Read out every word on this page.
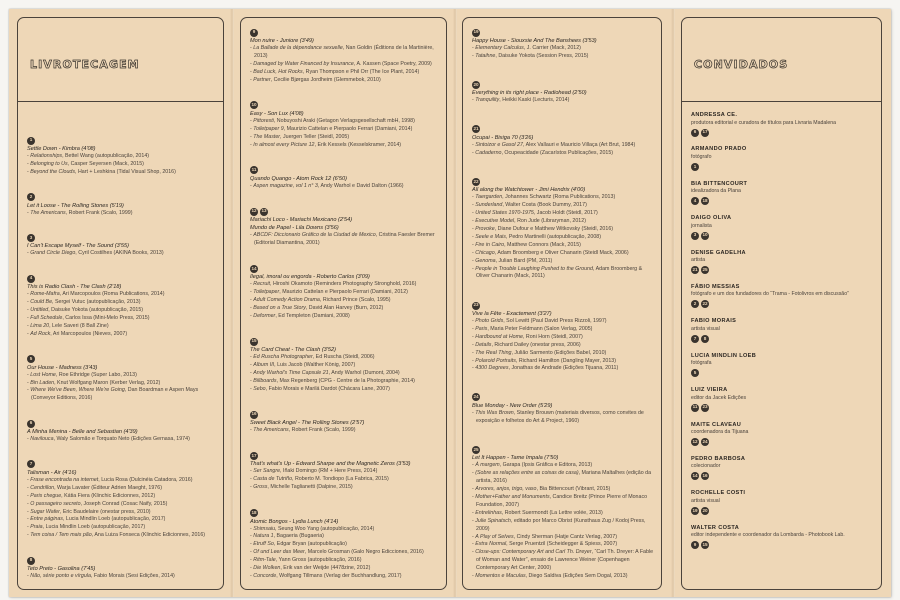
LIVROTECAGEM
1
Settle Down - Kimbra (4'08)
- Relationships, Bettel Wang (autopublicação, 2014)
- Belonging to Us, Casper Seyersen (Mack, 2015)
- Beyond the Clouds, Hart + Leshkina (Tidal Visual Shop, 2016)
2
Let it Loose - The Rolling Stones (5'19)
- The Americans, Robert Frank (Scalo, 1999)
3
I Can't Escape Myself - The Sound (3'55)
- Grand Circle Diego, Cyril Costilhes (AKINA Books, 2013)
4
This is Radio Clash - The Clash (2'18)
- Rome-Mafra, Ari Marcopoulos (Roma Publications, 2014)
- Could Be, Sergei Vutuc (autopublicação, 2013)
- Untitled, Daisuke Yokota (autopublicação, 2015)
- Full Schedule, Carlos Issa (Mini-Melo Press, 2015)
- Lima 20, Lele Saveri (8 Ball Zine)
- Ad Rock, Ari Marcopoulos (Nieves, 2007)
5
Our House - Madness (3'43)
- Lost Home, Roe Ethridge (Super Labo, 2013)
- Bin Laden, Knut Wolfgang Maron (Kerber Verlag, 2012)
- Where We've Been, Where We're Going, Dan Boardman e Aspen Mays (Conveyor Editions, 2016)
6
A Minha Menina - Belle and Sebastian (4'39)
- Navilouca, Waly Salomão e Torquato Neto (Edições Gernasa, 1974)
7
Talisman - Air (4'16)
- Frase encontrada na internet, Lucia Rosa (Dulcinéia Catadora, 2016)
- Cendrillon, Warja Lavater (Éditeur Adrien Maeght, 1976)
- Paris chegue, Kátia Fiera (Klinchic Edicionnes, 2012)
- O passageiro secreto, Joseph Conrad (Cosac Naify, 2015)
- Sugar Wafer, Eric Baudelaire (onestar press, 2010)
- Entre páginas, Lucia Mindlin Loeb (autopublicação, 2017)
- Praia, Lucia Mindlin Loeb (autopublicação, 2017)
- Tem coisa / Tem mais pão, Ana Luiza Fonseca (Klinchic Edicionnes, 2016)
8
Teto Preto - Gasolina (7'45)
- Não, série ponto e vírgula, Fabio Morais (Sesi Edições, 2014)
9
Mon nuire - Juniore (3'49)
- La Ballade de la dépendance sexuelle, Nan Goldin (Éditions de la Martinière, 2013)
- Damaged by Water Financed by Insurance, A. Kassen (Space Poetry, 2009)
- Bad Luck, Hot Rocks, Ryan Thompson e Phil Orr (The Ice Plant, 2014)
- Partner, Cecilie Bjørgas Jordheim (Glemmebok, 2010)
10
Easy - Son Lux (4'08)
- Pittoresti, Nobuyoshi Araki (Getagon Verlagsgesellschaft mbH, 1998)
- Toiletpaper 9, Maurizio Cattelan e Pierpaolo Ferrari (Damiani, 2014)
- The Master, Juergen Teller (Steidl, 2005)
- In almost every Picture 12, Erik Kessels (Kesselskramer, 2014)
11
Quando Quango - Atom Rock 12 (6'50)
- Aspen magazine, vol 1 n° 3, Andy Warhol e David Dalton (1966)
12	13
Mariachi Loco - Mariachi Mexicano (2'54)
Mundo de Papel - Lila Downs (3'56)
- ABCDF: Diccionario Gráfico de la Ciudad de Mexico, Cristina Faesler Bremer (Editorial Diamantina, 2001)
14
Ilegal, imoral ou engorda - Roberto Carlos (3'09)
- Recruit, Hiroshi Okamoto (Reminders Photography Stronghold, 2016)
- Toiletpaper, Maurizio Cattelan e Pierpaolo Ferrari (Damiani, 2012)
- Adult Comedy Action Drama, Richard Prince (Scalo, 1995)
- Based on a True Story, David Alan Harvey (Burn, 2012)
- Deformer, Ed Templeton (Damiani, 2008)
15
The Card Cheat - The Clash (3'52)
- Ed Ruscha Photographer, Ed Ruscha (Steidl, 2006)
- Album III, Luis Jacob (Walther König, 2007)
- Andy Warhol's Time Capsule 21, Andy Warhol (Dumont, 2004)
- Billboards, Max Regenberg (CPG - Centre de la Photographie, 2014)
- Sebo, Fabio Morais e Marilá Dardot (Chácara Lane, 2007)
16
Sweet Black Angel - The Rolling Stones (2'57)
- The Americans, Robert Frank (Scalo, 1999)
17
That's what's Up - Edward Sharpe and the Magnetic Zeros (3'53)
- Ser Sangre, Iñaki Domingo (RM + Here Press, 2014)
- Casta de Tutriño, Roberto M. Tondiopo (La Fabrica, 2015)
- Gross, Michelle Taglianetti (Dalpine, 2015)
18
Atomic Bongos - Lydia Lunch (4'14)
- Shimsaiu, Seung Woo Yang (autopublicação, 2014)
- Natura 1, Bagaeria (Bugaeria)
- Etruff So, Edgar Bryan (autopublicação)
- Of und Leer das Meer, Marcelo Grosman (Galo Negro Edicciones, 2016)
- Ritm-Tale, Yann Gross (autopublicação, 2016)
- Die Wolken, Erik van der Weijde (4478zine, 2012)
- Concorde, Wolfgang Tillmans (Verlag der Buchhandlung, 2017)
19
Happy House - Siouxsie And The Banshees (3'53)
- Elementary Calculus, J. Carrier (Mack, 2012)
- Tataihne, Daisuke Yokota (Session Press, 2015)
20
Everything in its right place - Radiohead (2'50)
- Tranquility, Heikki Kaski (Lecturis, 2014)
21
Ocupai - Bixiga 70 (3'26)
- Sintoizor e Gasol 27, Alex Vallauri e Mauricio Villaça (Art Brut, 1984)
- Cadaderno, Ocupeacidade (Zacarístos Publicações, 2015)
22
All along the Watchtower - Jimi Hendrix (4'00)
- Taergarden, Johannes Schwartz (Roma Publications, 2013)
- Sunderland, Walter Costa (Book Dummy, 2017)
- United States 1970-1975, Jacob Holdt (Steidl, 2017)
- Executive Model, Ron Jude (Libraryman, 2012)
- Provoke, Diane Dufour e Matthew Witkovsky (Steidl, 2016)
- Seele e Mais, Pedro Martinelli (autopublicação, 2008)
- Fire in Cairo, Matthew Connors (Mack, 2015)
- Chicago, Adam Broomberg e Oliver Chanarin (Steidl Mack, 2006)
- Genoma, Julian Bard (PM, 2011)
- People in Trouble Laughing Pushed to the Ground, Adam Broomberg & Oliver Chanarin (Mack, 2011)
23
Vive la Fête - Exactement (3'27)
- Photo Grids, Sol Lewitt (Paul David Press Rizzoli, 1997)
- Paris, Maria Peter Feldmann (Salon Verlag, 2005)
- Hardbound at Home, Roni Horn (Steidl, 2007)
- Details, Richard Dailey (onestar press, 2006)
- The Real Thing, Julião Sarmento (Edições Babel, 2010)
- Polaroid Portraits, Richard Hamilton (Dangling Mayer, 2013)
- 4300 Degrees, Jonathas de Andrade (Edições Tijuana, 2011)
24
Blue Monday - New Order (5'29)
- This Was Brown, Stanley Brouwn (materiais diversos, como convites de exposição e folhetos do Art & Project, 1960)
25
Let It Happen - Tame Impala (7'50)
- À margem, Garapa (Ipsis Gráfica e Editora, 2013)
- (Sobre as relações entre as coisas de casa), Mariana Maltalhes (edição da artista, 2016)
- Arvores, anjos, trigo, vaso, Bia Bittencourt (Vibrant, 2015)
- Mother+Father and Monuments, Candice Breitz (Prince Pierre of Monaco Foundation, 2007)
- Entrelinhas, Robert Suermondt (La Lettre volée, 2013)
- Julie Spinatsch, editado por Marco Obrist (Kunsthaus Zug / Kodoj Press, 2009)
- A Play of Selves, Cindy Sherman (Hatje Cantz Verlag, 2007)
- Extra Normal, Serge Pruentzil (Scheidegger & Spiess, 2007)
- Close-ups: Contemporary Art and Carl Th. Dreyer, “Carl Th. Dreyer: A Fable of Woman and Water”, ensaio de Lawrence Weiner (Copenhagen Contemporary Art Center, 2000)
- Momentos e Maculas, Diego Saldiva (Edições Sem Dogal, 2013)
CONVIDADOS
ANDRESSA CE.
produtora editorial e curadora de títulos para Livraria Madalena
6	17
ARMANDO PRADO
fotógrafo
1
BIA BITTENCOURT
idealizadora da Plana
4	18
DAIGO OLIVA
jornalista
3	10
DENISE GADELHA
artista
21	25
FÁBIO MESSIAS
fotógrafo e um dos fundadores do “Trama - Fotolivros em discussão”
2	22
FABIO MORAIS
artista visual
7	8
LUCIA MINDLIN LOEB
fotógrafa
5
LUIZ VIEIRA
editor da Jacek Edições
11	23
MAITE CLAVEAU
coordenadora da Tijuana
12	24
PEDRO BARBOSA
colecionador
14	16
ROCHELLE COSTI
artista visual
19	20
WALTER COSTA
editor independente e coordenador da Lombarda - Photobook Lab.
9	15
